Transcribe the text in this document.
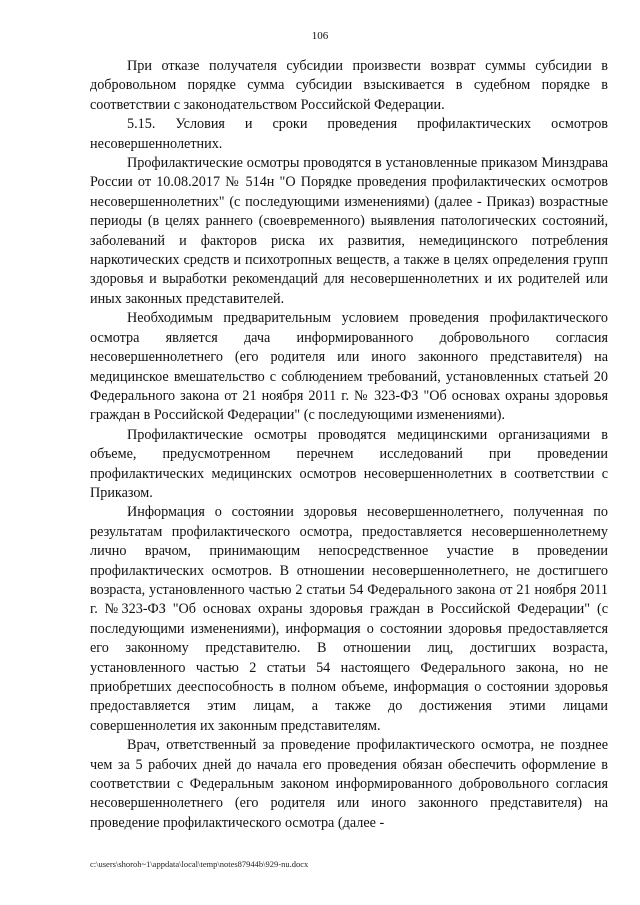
106

При отказе получателя субсидии произвести возврат суммы субсидии в добровольном порядке сумма субсидии взыскивается в судебном порядке в соответствии с законодательством Российской Федерации.

5.15. Условия и сроки проведения профилактических осмотров несовершеннолетних.

Профилактические осмотры проводятся в установленные приказом Минздрава России от 10.08.2017 № 514н "О Порядке проведения профилактических осмотров несовершеннолетних" (с последующими изменениями) (далее - Приказ) возрастные периоды (в целях раннего (своевременного) выявления патологических состояний, заболеваний и факторов риска их развития, немедицинского потребления наркотических средств и психотропных веществ, а также в целях определения групп здоровья и выработки рекомендаций для несовершеннолетних и их родителей или иных законных представителей.

Необходимым предварительным условием проведения профилактического осмотра является дача информированного добровольного согласия несовершеннолетнего (его родителя или иного законного представителя) на медицинское вмешательство с соблюдением требований, установленных статьей 20 Федерального закона от 21 ноября 2011 г. № 323-ФЗ "Об основах охраны здоровья граждан в Российской Федерации" (с последующими изменениями).

Профилактические осмотры проводятся медицинскими организациями в объеме, предусмотренном перечнем исследований при проведении профилактических медицинских осмотров несовершеннолетних в соответствии с Приказом.

Информация о состоянии здоровья несовершеннолетнего, полученная по результатам профилактического осмотра, предоставляется несовершеннолетнему лично врачом, принимающим непосредственное участие в проведении профилактических осмотров. В отношении несовершеннолетнего, не достигшего возраста, установленного частью 2 статьи 54 Федерального закона от 21 ноября 2011 г. №323-ФЗ "Об основах охраны здоровья граждан в Российской Федерации" (с последующими изменениями), информация о состоянии здоровья предоставляется его законному представителю. В отношении лиц, достигших возраста, установленного частью 2 статьи 54 настоящего Федерального закона, но не приобретших дееспособность в полном объеме, информация о состоянии здоровья предоставляется этим лицам, а также до достижения этими лицами совершеннолетия их законным представителям.

Врач, ответственный за проведение профилактического осмотра, не позднее чем за 5 рабочих дней до начала его проведения обязан обеспечить оформление в соответствии с Федеральным законом информированного добровольного согласия несовершеннолетнего (его родителя или иного законного представителя) на проведение профилактического осмотра (далее -

c:\users\shoroh~1\appdata\local\temp\notes87944b\929-nu.docx
